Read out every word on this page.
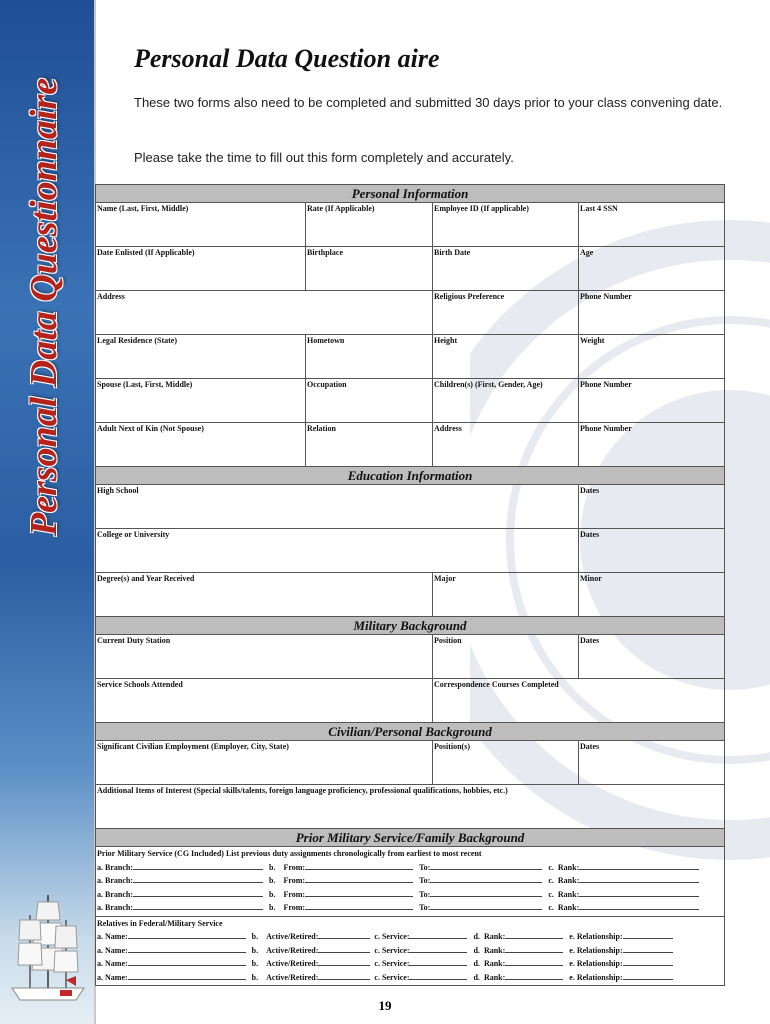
Personal Data Questionnaire
Personal Data Question aire
These two forms also need to be completed and submitted 30 days prior to your class convening date.
Please take the time to fill out this form completely and accurately.
Personal Information			
Name (Last, First, Middle)	Rate (If Applicable)	Employee ID (If applicable)	Last 4 SSN
Date Enlisted (If Applicable)	Birthplace	Birth Date	Age
Address		Religious Preference	Phone Number
Legal Residence (State)	Hometown	Height	Weight
Spouse (Last, First, Middle)	Occupation	Children(s) (First, Gender, Age)	Phone Number
Adult Next of Kin (Not Spouse)	Relation	Address	Phone Number
Education Information			
High School			Dates
College or University			Dates
Degree(s) and Year Received		Major	Minor
Military Background			
Current Duty Station		Position	Dates
Service Schools Attended		Correspondence Courses Completed	
Civilian/Personal Background			
Significant Civilian Employment (Employer, City, State)		Position(s)	Dates
Additional Items of Interest (Special skills/talents, foreign language proficiency, professional qualifications, hobbies, etc.)			
Prior Military Service/Family Background			

Prior Military Service (CG Included) List previous duty assignments chronologically from earliest to most recent
a. Branch: b. From: To: c. Rank:
a. Branch: b. From: To: c. Rank:
a. Branch: b. From: To: c. Rank:
a. Branch: b. From: To: c. Rank:			

Relatives in Federal/Military Service
a. Name: b. Active/Retired: c. Service: d. Rank: e. Relationship:
a. Name: b. Active/Retired: c. Service: d. Rank: e. Relationship:
a. Name: b. Active/Retired: c. Service: d. Rank: e. Relationship:
a. Name: b. Active/Retired: c. Service: d. Rank: e. Relationship:			
19
